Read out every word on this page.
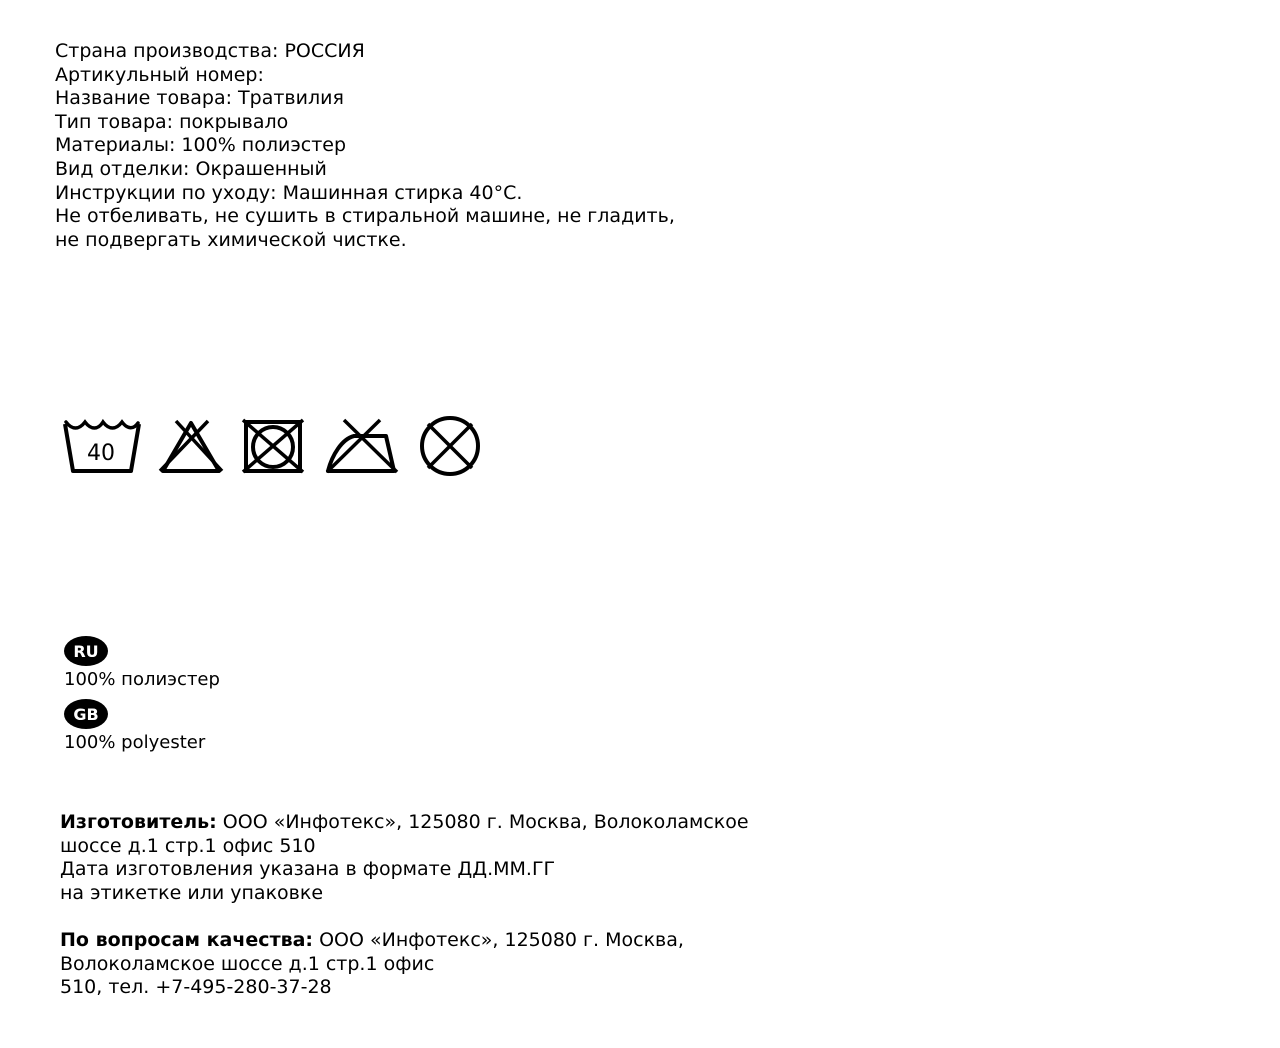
Страна производства: РОССИЯ
Артикульный номер:
Название товара: Тратвилия
Тип товара: покрывало
Материалы: 100% полиэстер
Вид отделки: Окрашенный
Инструкции по уходу: Машинная стирка 40°С.
Не отбеливать, не сушить в стиральной машине, не гладить,
не подвергать химической чистке.
40
RU
100% полиэстер
GB
100% polyester
Изготовитель: ООО «Инфотекс», 125080 г. Москва, Волоколамское
шоссе д.1 стр.1 офис 510
Дата изготовления указана в формате ДД.ММ.ГГ
на этикетке или упаковке
По вопросам качества: ООО «Инфотекс», 125080 г. Москва,
Волоколамское шоссе д.1 стр.1 офис
510, тел. +7-495-280-37-28
